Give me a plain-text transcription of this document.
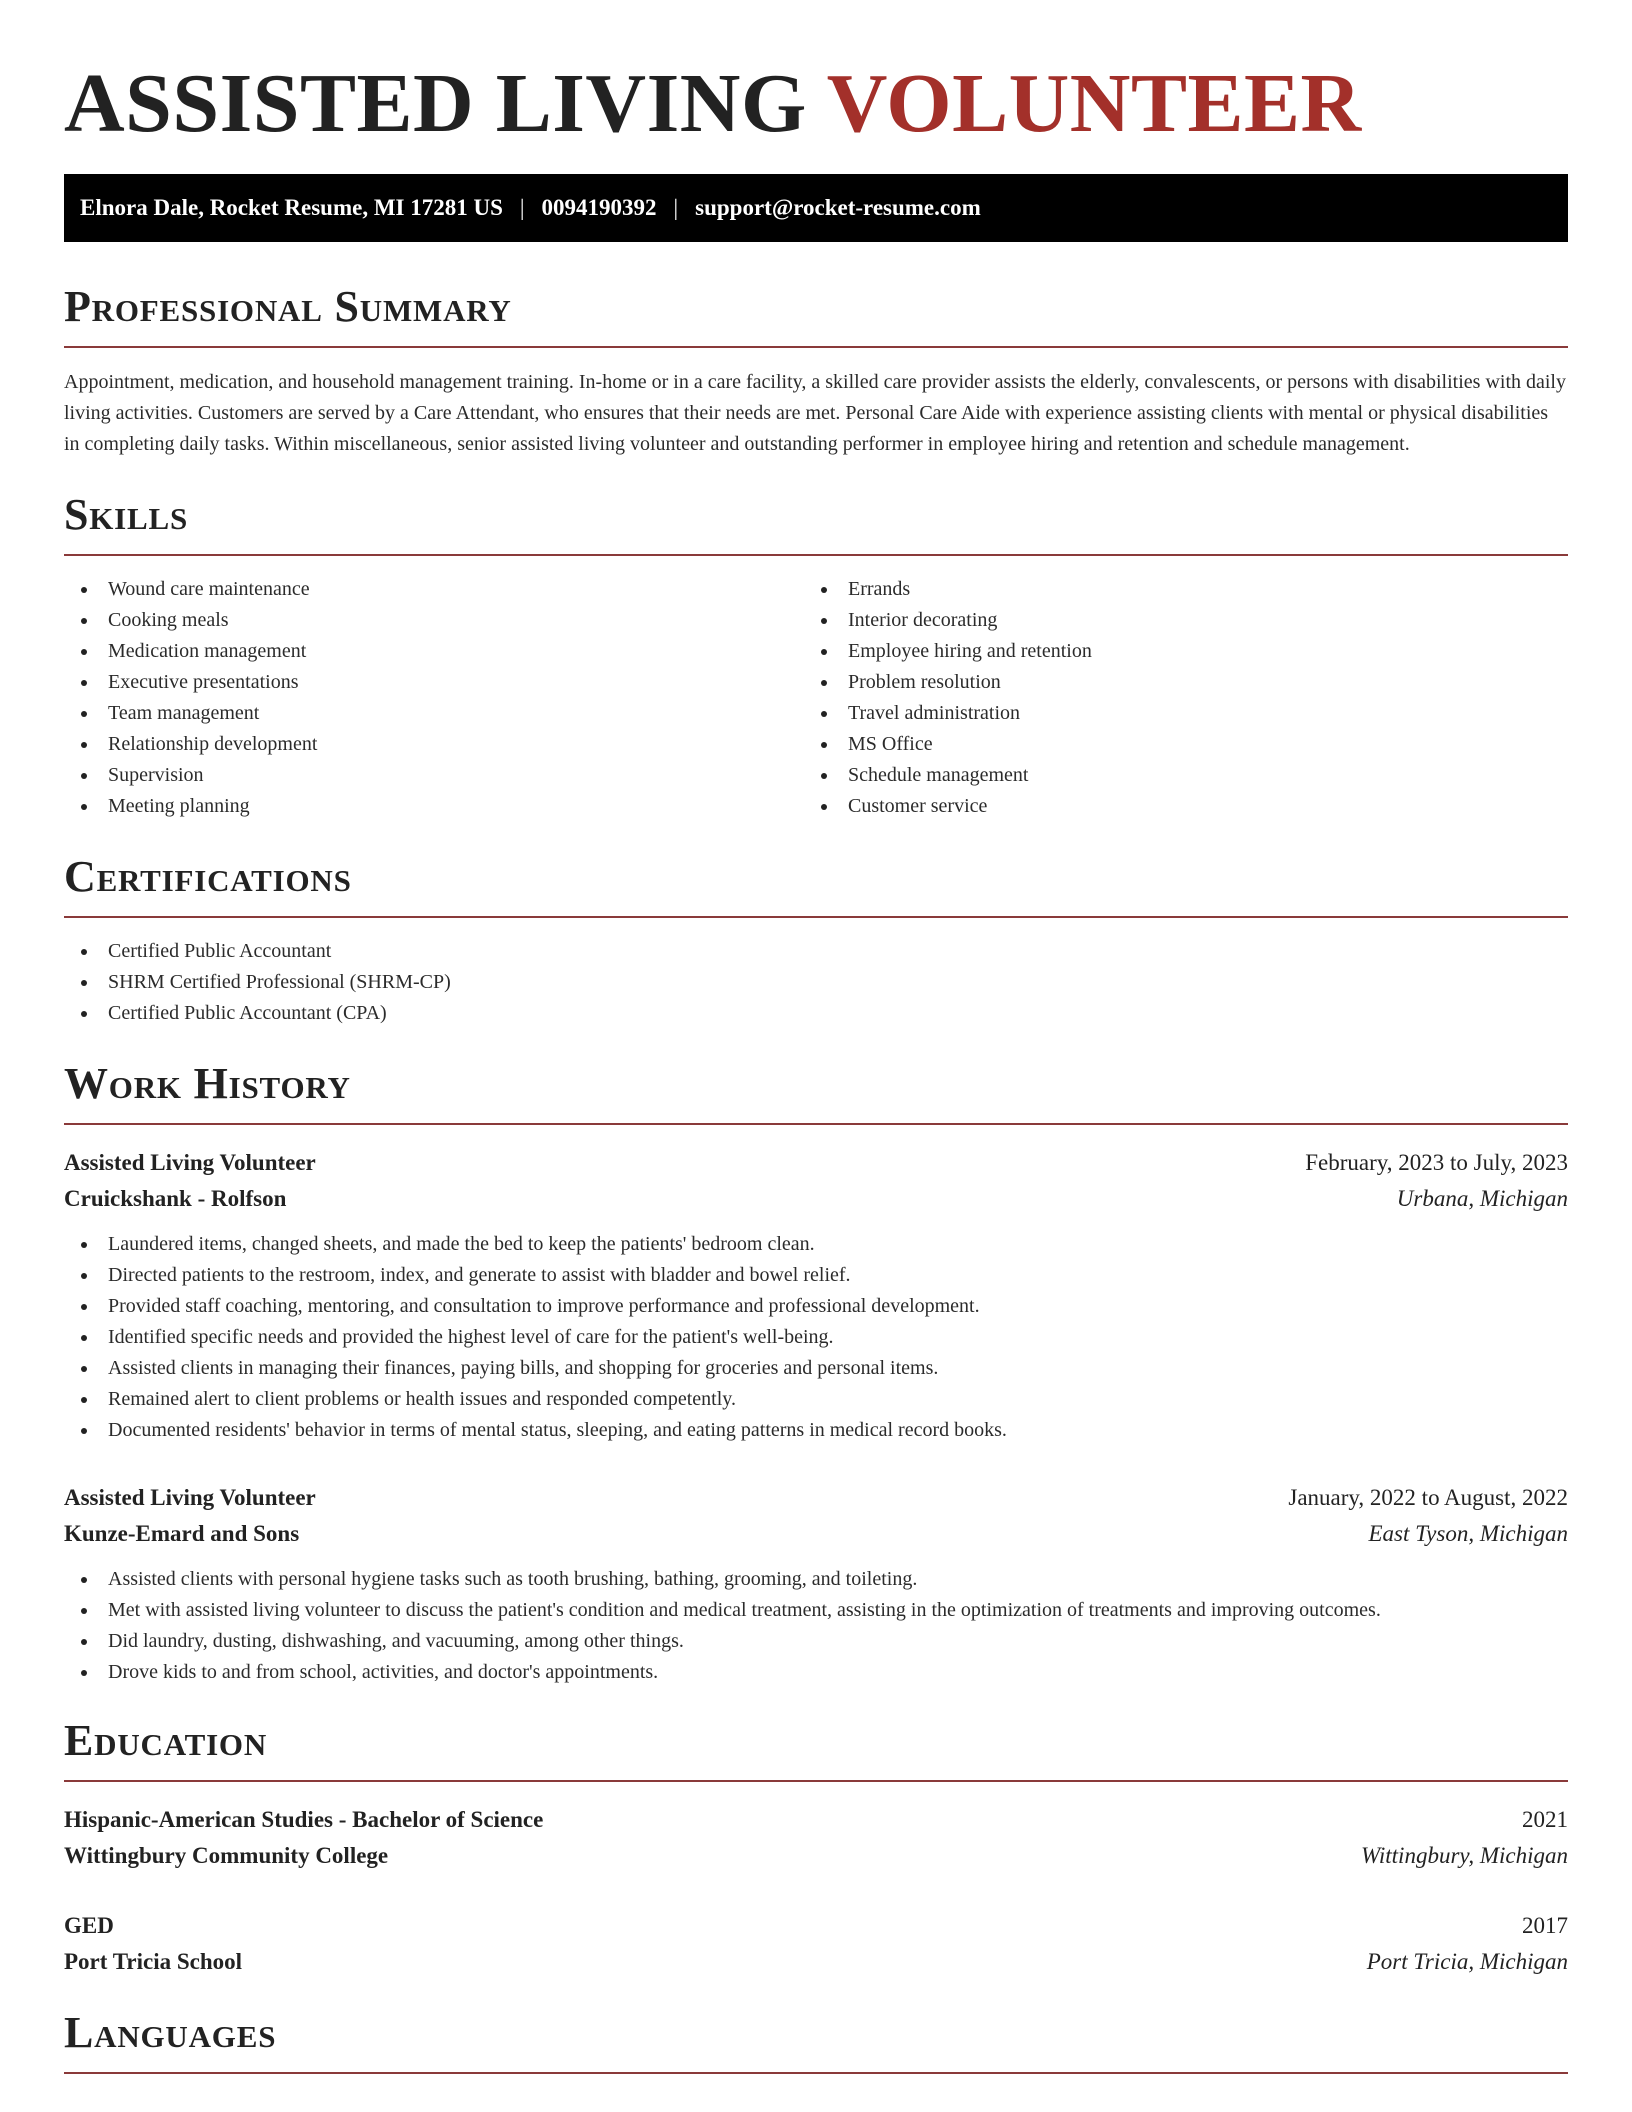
ASSISTED LIVING VOLUNTEER
Elnora Dale, Rocket Resume, MI 17281 US | 0094190392 | support@rocket-resume.com
Professional Summary

Appointment, medication, and household management training. In-home or in a care facility, a skilled care provider assists the elderly, convalescents, or persons with disabilities with daily living activities. Customers are served by a Care Attendant, who ensures that their needs are met. Personal Care Aide with experience assisting clients with mental or physical disabilities in completing daily tasks. Within miscellaneous, senior assisted living volunteer and outstanding performer in employee hiring and retention and schedule management.

Skills
Wound care maintenance
Cooking meals
Medication management
Executive presentations
Team management
Relationship development
Supervision
Meeting planning
Errands
Interior decorating
Employee hiring and retention
Problem resolution
Travel administration
MS Office
Schedule management
Customer service
Certifications
Certified Public Accountant
SHRM Certified Professional (SHRM-CP)
Certified Public Accountant (CPA)
Work History
Assisted Living Volunteer	February, 2023 to July, 2023
Cruickshank - Rolfson	Urbana, Michigan
Laundered items, changed sheets, and made the bed to keep the patients' bedroom clean.
Directed patients to the restroom, index, and generate to assist with bladder and bowel relief.
Provided staff coaching, mentoring, and consultation to improve performance and professional development.
Identified specific needs and provided the highest level of care for the patient's well-being.
Assisted clients in managing their finances, paying bills, and shopping for groceries and personal items.
Remained alert to client problems or health issues and responded competently.
Documented residents' behavior in terms of mental status, sleeping, and eating patterns in medical record books.
Assisted Living Volunteer	January, 2022 to August, 2022
Kunze-Emard and Sons	East Tyson, Michigan
Assisted clients with personal hygiene tasks such as tooth brushing, bathing, grooming, and toileting.
Met with assisted living volunteer to discuss the patient's condition and medical treatment, assisting in the optimization of treatments and improving outcomes.
Did laundry, dusting, dishwashing, and vacuuming, among other things.
Drove kids to and from school, activities, and doctor's appointments.
Education
Hispanic-American Studies - Bachelor of Science	2021
Wittingbury Community College	Wittingbury, Michigan
GED	2017
Port Tricia School	Port Tricia, Michigan
Languages
